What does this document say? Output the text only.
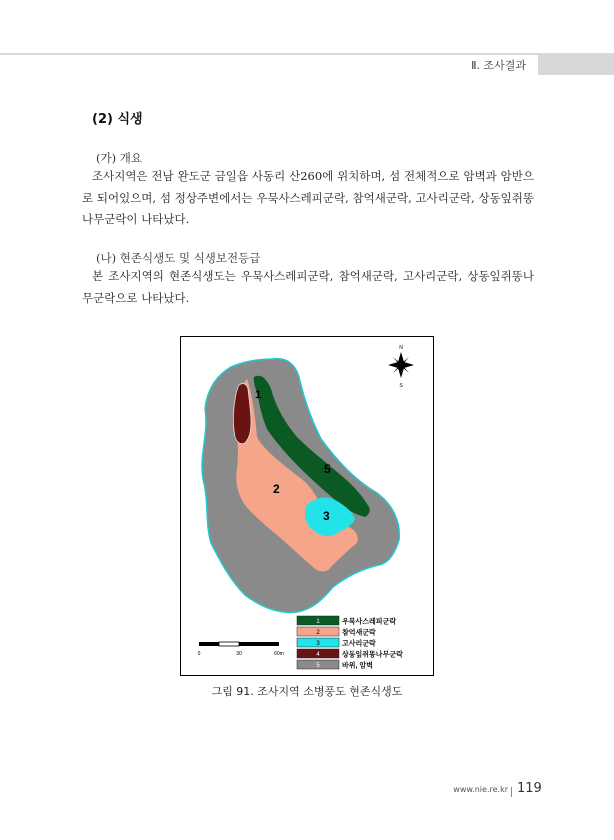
Ⅱ. 조사결과
(2) 식생
(가) 개요

조사지역은 전남 완도군 금일읍 사동리 산260에 위치하며, 섬 전체적으로 암벽과 암반으로 되어있으며, 섬 정상주변에서는 우묵사스레피군락, 참억새군락, 고사리군락, 상동잎쥐똥나무군락이 나타났다.

(나) 현존식생도 및 식생보전등급

본 조사지역의 현존식생도는 우묵사스레피군락, 참억새군락, 고사리군락, 상동잎쥐똥나무군락으로 나타났다.

1
2
3
5
N
S
0	30	60m
1	우묵사스레피군락
2	참억새군락
3	고사리군락
4	상동잎쥐똥나무군락
5	바위, 암벽
그림 91. 조사지역 소병풍도 현존식생도
www.nie.re.kr 119
